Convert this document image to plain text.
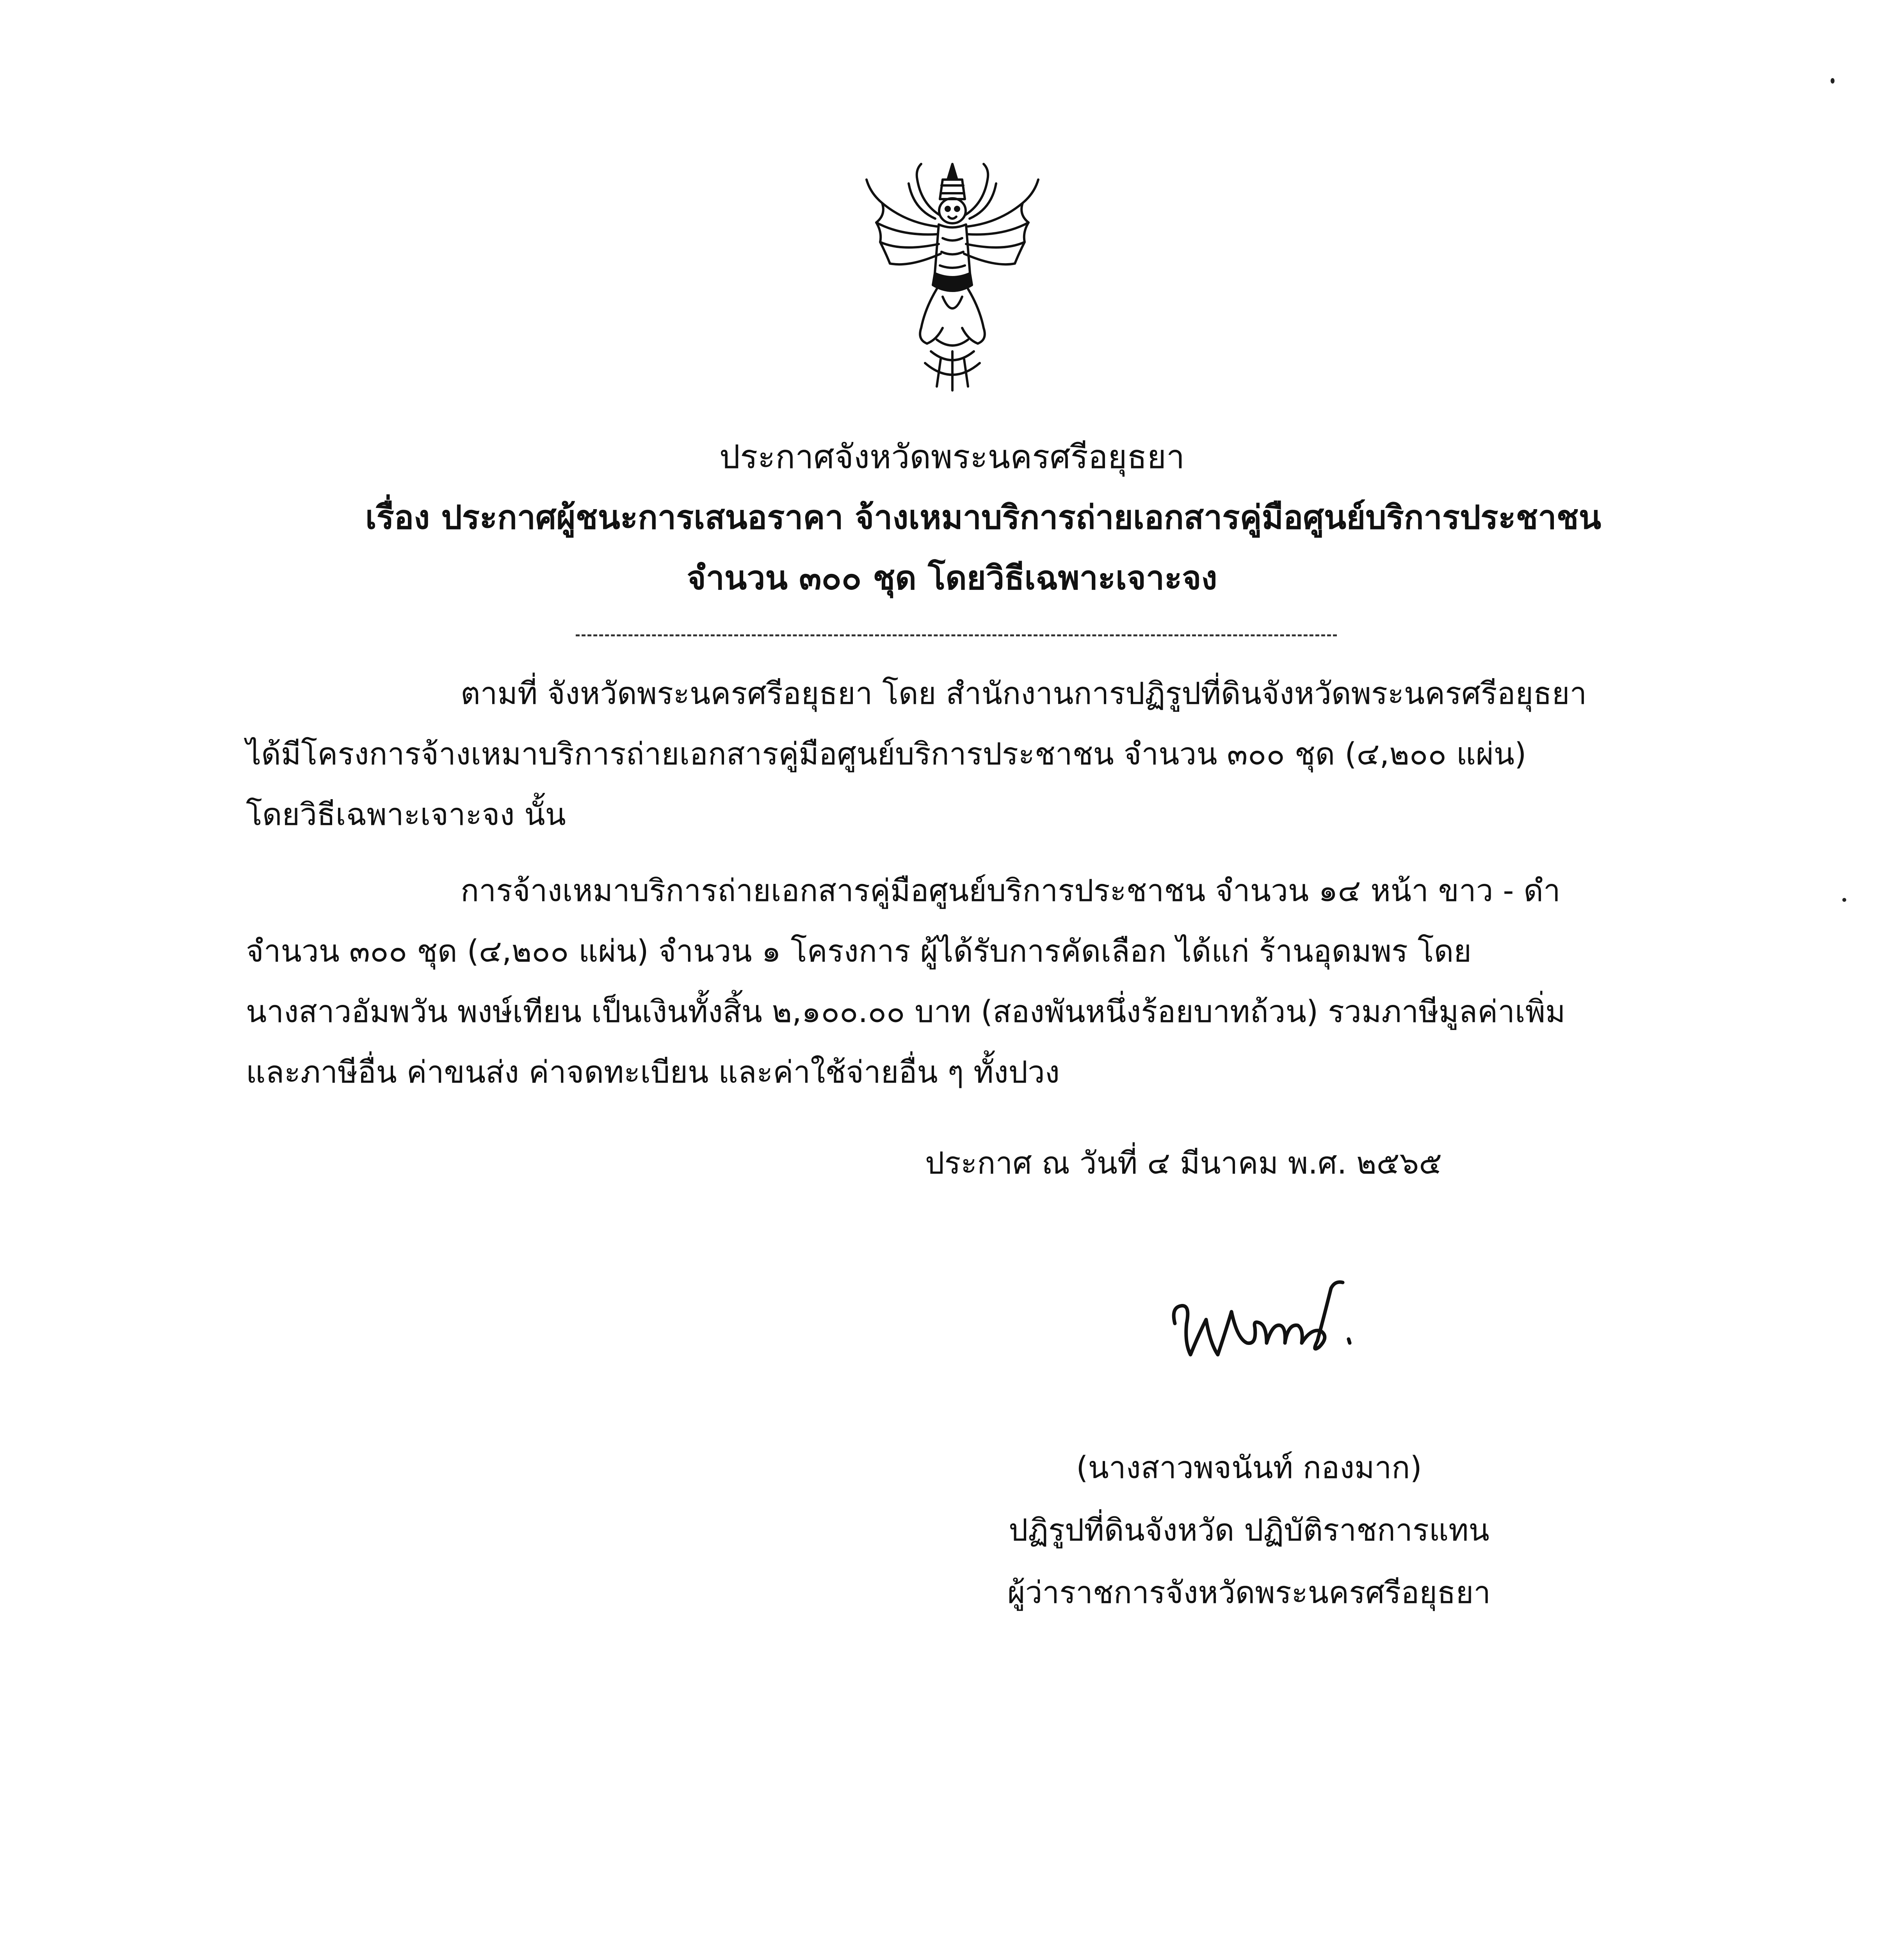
ประกาศจังหวัดพระนครศรีอยุธยา
เรื่อง ประกาศผู้ชนะการเสนอราคา จ้างเหมาบริการถ่ายเอกสารคู่มือศูนย์บริการประชาชน
จำนวน ๓๐๐ ชุด โดยวิธีเฉพาะเจาะจง
ตามที่ จังหวัดพระนครศรีอยุธยา โดย สำนักงานการปฏิรูปที่ดินจังหวัดพระนครศรีอยุธยา
ได้มีโครงการจ้างเหมาบริการถ่ายเอกสารคู่มือศูนย์บริการประชาชน จำนวน ๓๐๐ ชุด (๔,๒๐๐ แผ่น)
โดยวิธีเฉพาะเจาะจง นั้น
การจ้างเหมาบริการถ่ายเอกสารคู่มือศูนย์บริการประชาชน จำนวน ๑๔ หน้า ขาว - ดำ
จำนวน ๓๐๐ ชุด (๔,๒๐๐ แผ่น) จำนวน ๑ โครงการ ผู้ได้รับการคัดเลือก ได้แก่ ร้านอุดมพร โดย
นางสาวอัมพวัน พงษ์เทียน เป็นเงินทั้งสิ้น ๒,๑๐๐.๐๐ บาท (สองพันหนึ่งร้อยบาทถ้วน) รวมภาษีมูลค่าเพิ่ม
และภาษีอื่น ค่าขนส่ง ค่าจดทะเบียน และค่าใช้จ่ายอื่น ๆ ทั้งปวง
ประกาศ ณ วันที่ ๔ มีนาคม พ.ศ. ๒๕๖๕
(นางสาวพจนันท์ กองมาก)
ปฏิรูปที่ดินจังหวัด ปฏิบัติราชการแทน
ผู้ว่าราชการจังหวัดพระนครศรีอยุธยา
